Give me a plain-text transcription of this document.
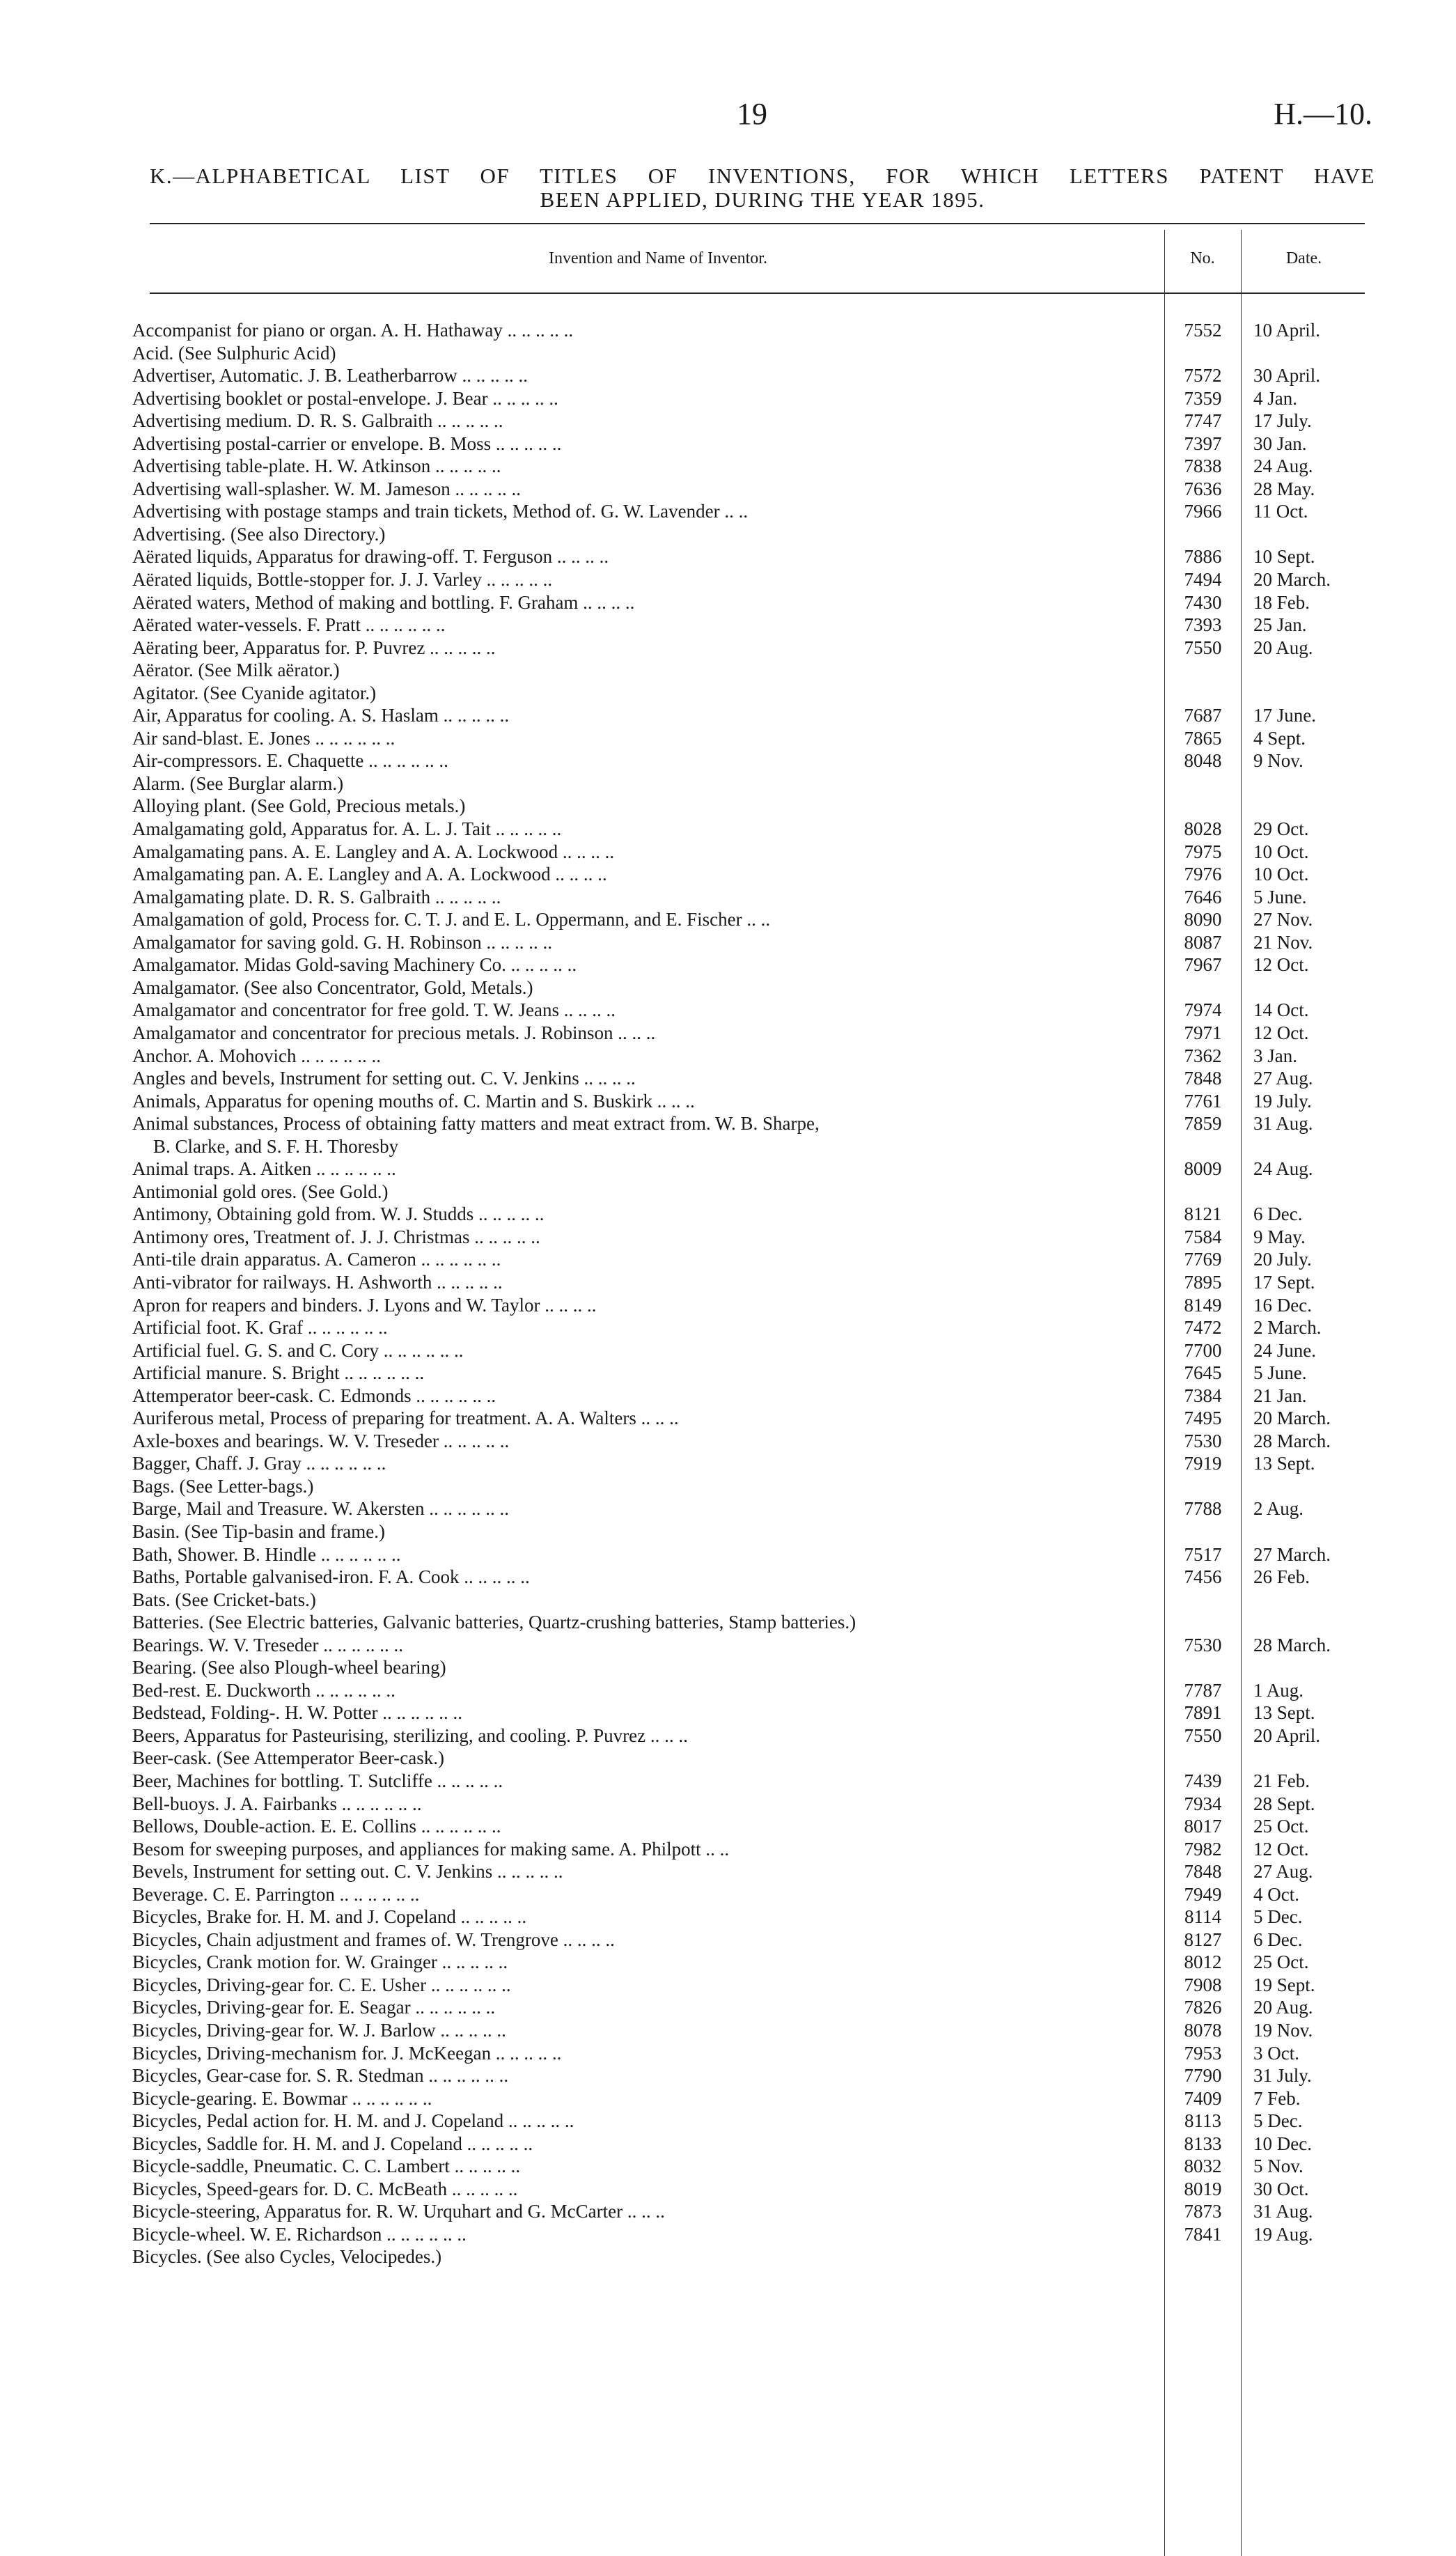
19	H.—10.
K.—ALPHABETICAL LIST OF TITLES OF INVENTIONS, FOR WHICH LETTERS PATENT HAVE
BEEN APPLIED, DURING THE YEAR 1895.
Invention and Name of Inventor.	No.	Date.
Accompanist for piano or organ. A. H. Hathaway .. .. .. .. ..	7552	10 April.
Acid. (See Sulphuric Acid)
Advertiser, Automatic. J. B. Leatherbarrow .. .. .. .. ..	7572	30 April.
Advertising booklet or postal-envelope. J. Bear .. .. .. .. ..	7359	4 Jan.
Advertising medium. D. R. S. Galbraith .. .. .. .. ..	7747	17 July.
Advertising postal-carrier or envelope. B. Moss .. .. .. .. ..	7397	30 Jan.
Advertising table-plate. H. W. Atkinson .. .. .. .. ..	7838	24 Aug.
Advertising wall-splasher. W. M. Jameson .. .. .. .. ..	7636	28 May.
Advertising with postage stamps and train tickets, Method of. G. W. Lavender .. ..	7966	11 Oct.
Advertising. (See also Directory.)
Aërated liquids, Apparatus for drawing-off. T. Ferguson .. .. .. ..	7886	10 Sept.
Aërated liquids, Bottle-stopper for. J. J. Varley .. .. .. .. ..	7494	20 March.
Aërated waters, Method of making and bottling. F. Graham .. .. .. ..	7430	18 Feb.
Aërated water-vessels. F. Pratt .. .. .. .. .. ..	7393	25 Jan.
Aërating beer, Apparatus for. P. Puvrez .. .. .. .. ..	7550	20 Aug.
Aërator. (See Milk aërator.)
Agitator. (See Cyanide agitator.)
Air, Apparatus for cooling. A. S. Haslam .. .. .. .. ..	7687	17 June.
Air sand-blast. E. Jones .. .. .. .. .. ..	7865	4 Sept.
Air-compressors. E. Chaquette .. .. .. .. .. ..	8048	9 Nov.
Alarm. (See Burglar alarm.)
Alloying plant. (See Gold, Precious metals.)
Amalgamating gold, Apparatus for. A. L. J. Tait .. .. .. .. ..	8028	29 Oct.
Amalgamating pans. A. E. Langley and A. A. Lockwood .. .. .. ..	7975	10 Oct.
Amalgamating pan. A. E. Langley and A. A. Lockwood .. .. .. ..	7976	10 Oct.
Amalgamating plate. D. R. S. Galbraith .. .. .. .. ..	7646	5 June.
Amalgamation of gold, Process for. C. T. J. and E. L. Oppermann, and E. Fischer .. ..	8090	27 Nov.
Amalgamator for saving gold. G. H. Robinson .. .. .. .. ..	8087	21 Nov.
Amalgamator. Midas Gold-saving Machinery Co. .. .. .. .. ..	7967	12 Oct.
Amalgamator. (See also Concentrator, Gold, Metals.)
Amalgamator and concentrator for free gold. T. W. Jeans .. .. .. ..	7974	14 Oct.
Amalgamator and concentrator for precious metals. J. Robinson .. .. ..	7971	12 Oct.
Anchor. A. Mohovich .. .. .. .. .. ..	7362	3 Jan.
Angles and bevels, Instrument for setting out. C. V. Jenkins .. .. .. ..	7848	27 Aug.
Animals, Apparatus for opening mouths of. C. Martin and S. Buskirk .. .. ..	7761	19 July.
Animal substances, Process of obtaining fatty matters and meat extract from. W. B. Sharpe,	7859	31 Aug.
B. Clarke, and S. F. H. Thoresby
Animal traps. A. Aitken .. .. .. .. .. ..	8009	24 Aug.
Antimonial gold ores. (See Gold.)
Antimony, Obtaining gold from. W. J. Studds .. .. .. .. ..	8121	6 Dec.
Antimony ores, Treatment of. J. J. Christmas .. .. .. .. ..	7584	9 May.
Anti-tile drain apparatus. A. Cameron .. .. .. .. .. ..	7769	20 July.
Anti-vibrator for railways. H. Ashworth .. .. .. .. ..	7895	17 Sept.
Apron for reapers and binders. J. Lyons and W. Taylor .. .. .. ..	8149	16 Dec.
Artificial foot. K. Graf .. .. .. .. .. ..	7472	2 March.
Artificial fuel. G. S. and C. Cory .. .. .. .. .. ..	7700	24 June.
Artificial manure. S. Bright .. .. .. .. .. ..	7645	5 June.
Attemperator beer-cask. C. Edmonds .. .. .. .. .. ..	7384	21 Jan.
Auriferous metal, Process of preparing for treatment. A. A. Walters .. .. ..	7495	20 March.
Axle-boxes and bearings. W. V. Treseder .. .. .. .. ..	7530	28 March.
Bagger, Chaff. J. Gray .. .. .. .. .. ..	7919	13 Sept.
Bags. (See Letter-bags.)
Barge, Mail and Treasure. W. Akersten .. .. .. .. .. ..	7788	2 Aug.
Basin. (See Tip-basin and frame.)
Bath, Shower. B. Hindle .. .. .. .. .. ..	7517	27 March.
Baths, Portable galvanised-iron. F. A. Cook .. .. .. .. ..	7456	26 Feb.
Bats. (See Cricket-bats.)
Batteries. (See Electric batteries, Galvanic batteries, Quartz-crushing batteries, Stamp batteries.)
Bearings. W. V. Treseder .. .. .. .. .. ..	7530	28 March.
Bearing. (See also Plough-wheel bearing)
Bed-rest. E. Duckworth .. .. .. .. .. ..	7787	1 Aug.
Bedstead, Folding-. H. W. Potter .. .. .. .. .. ..	7891	13 Sept.
Beers, Apparatus for Pasteurising, sterilizing, and cooling. P. Puvrez .. .. ..	7550	20 April.
Beer-cask. (See Attemperator Beer-cask.)
Beer, Machines for bottling. T. Sutcliffe .. .. .. .. ..	7439	21 Feb.
Bell-buoys. J. A. Fairbanks .. .. .. .. .. ..	7934	28 Sept.
Bellows, Double-action. E. E. Collins .. .. .. .. .. ..	8017	25 Oct.
Besom for sweeping purposes, and appliances for making same. A. Philpott .. ..	7982	12 Oct.
Bevels, Instrument for setting out. C. V. Jenkins .. .. .. .. ..	7848	27 Aug.
Beverage. C. E. Parrington .. .. .. .. .. ..	7949	4 Oct.
Bicycles, Brake for. H. M. and J. Copeland .. .. .. .. ..	8114	5 Dec.
Bicycles, Chain adjustment and frames of. W. Trengrove .. .. .. ..	8127	6 Dec.
Bicycles, Crank motion for. W. Grainger .. .. .. .. ..	8012	25 Oct.
Bicycles, Driving-gear for. C. E. Usher .. .. .. .. .. ..	7908	19 Sept.
Bicycles, Driving-gear for. E. Seagar .. .. .. .. .. ..	7826	20 Aug.
Bicycles, Driving-gear for. W. J. Barlow .. .. .. .. ..	8078	19 Nov.
Bicycles, Driving-mechanism for. J. McKeegan .. .. .. .. ..	7953	3 Oct.
Bicycles, Gear-case for. S. R. Stedman .. .. .. .. .. ..	7790	31 July.
Bicycle-gearing. E. Bowmar .. .. .. .. .. ..	7409	7 Feb.
Bicycles, Pedal action for. H. M. and J. Copeland .. .. .. .. ..	8113	5 Dec.
Bicycles, Saddle for. H. M. and J. Copeland .. .. .. .. ..	8133	10 Dec.
Bicycle-saddle, Pneumatic. C. C. Lambert .. .. .. .. ..	8032	5 Nov.
Bicycles, Speed-gears for. D. C. McBeath .. .. .. .. ..	8019	30 Oct.
Bicycle-steering, Apparatus for. R. W. Urquhart and G. McCarter .. .. ..	7873	31 Aug.
Bicycle-wheel. W. E. Richardson .. .. .. .. .. ..	7841	19 Aug.
Bicycles. (See also Cycles, Velocipedes.)
